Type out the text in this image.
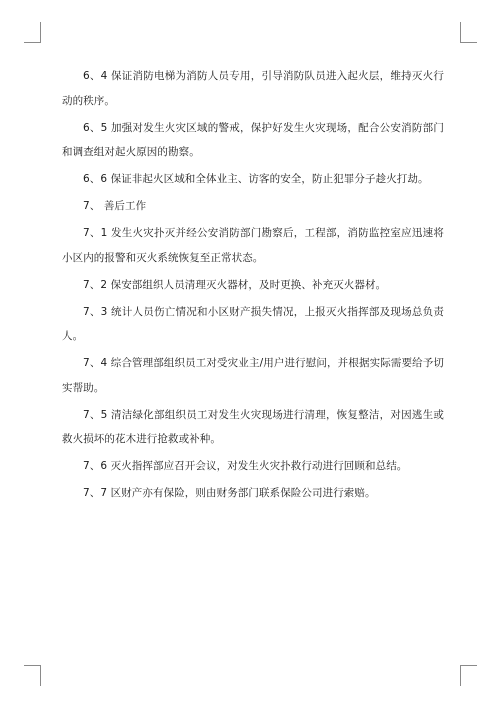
6、4 保证消防电梯为消防人员专用，引导消防队员进入起火层，维持灭火行动的秩序。

6、5 加强对发生火灾区域的警戒，保护好发生火灾现场，配合公安消防部门和调查组对起火原因的勘察。

6、6 保证非起火区域和全体业主、访客的安全，防止犯罪分子趁火打劫。

7、 善后工作

7、1 发生火灾扑灭并经公安消防部门勘察后，工程部，消防监控室应迅速将小区内的报警和灭火系统恢复至正常状态。

7、2 保安部组织人员清理灭火器材，及时更换、补充灭火器材。

7、3 统计人员伤亡情况和小区财产损失情况，上报灭火指挥部及现场总负责人。

7、4 综合管理部组织员工对受灾业主/用户进行慰问，并根据实际需要给予切实帮助。

7、5 清洁绿化部组织员工对发生火灾现场进行清理，恢复整洁，对因逃生或救火损坏的花木进行抢救或补种。

7、6 灭火指挥部应召开会议，对发生火灾扑救行动进行回顾和总结。

7、7 区财产亦有保险，则由财务部门联系保险公司进行索赔。
